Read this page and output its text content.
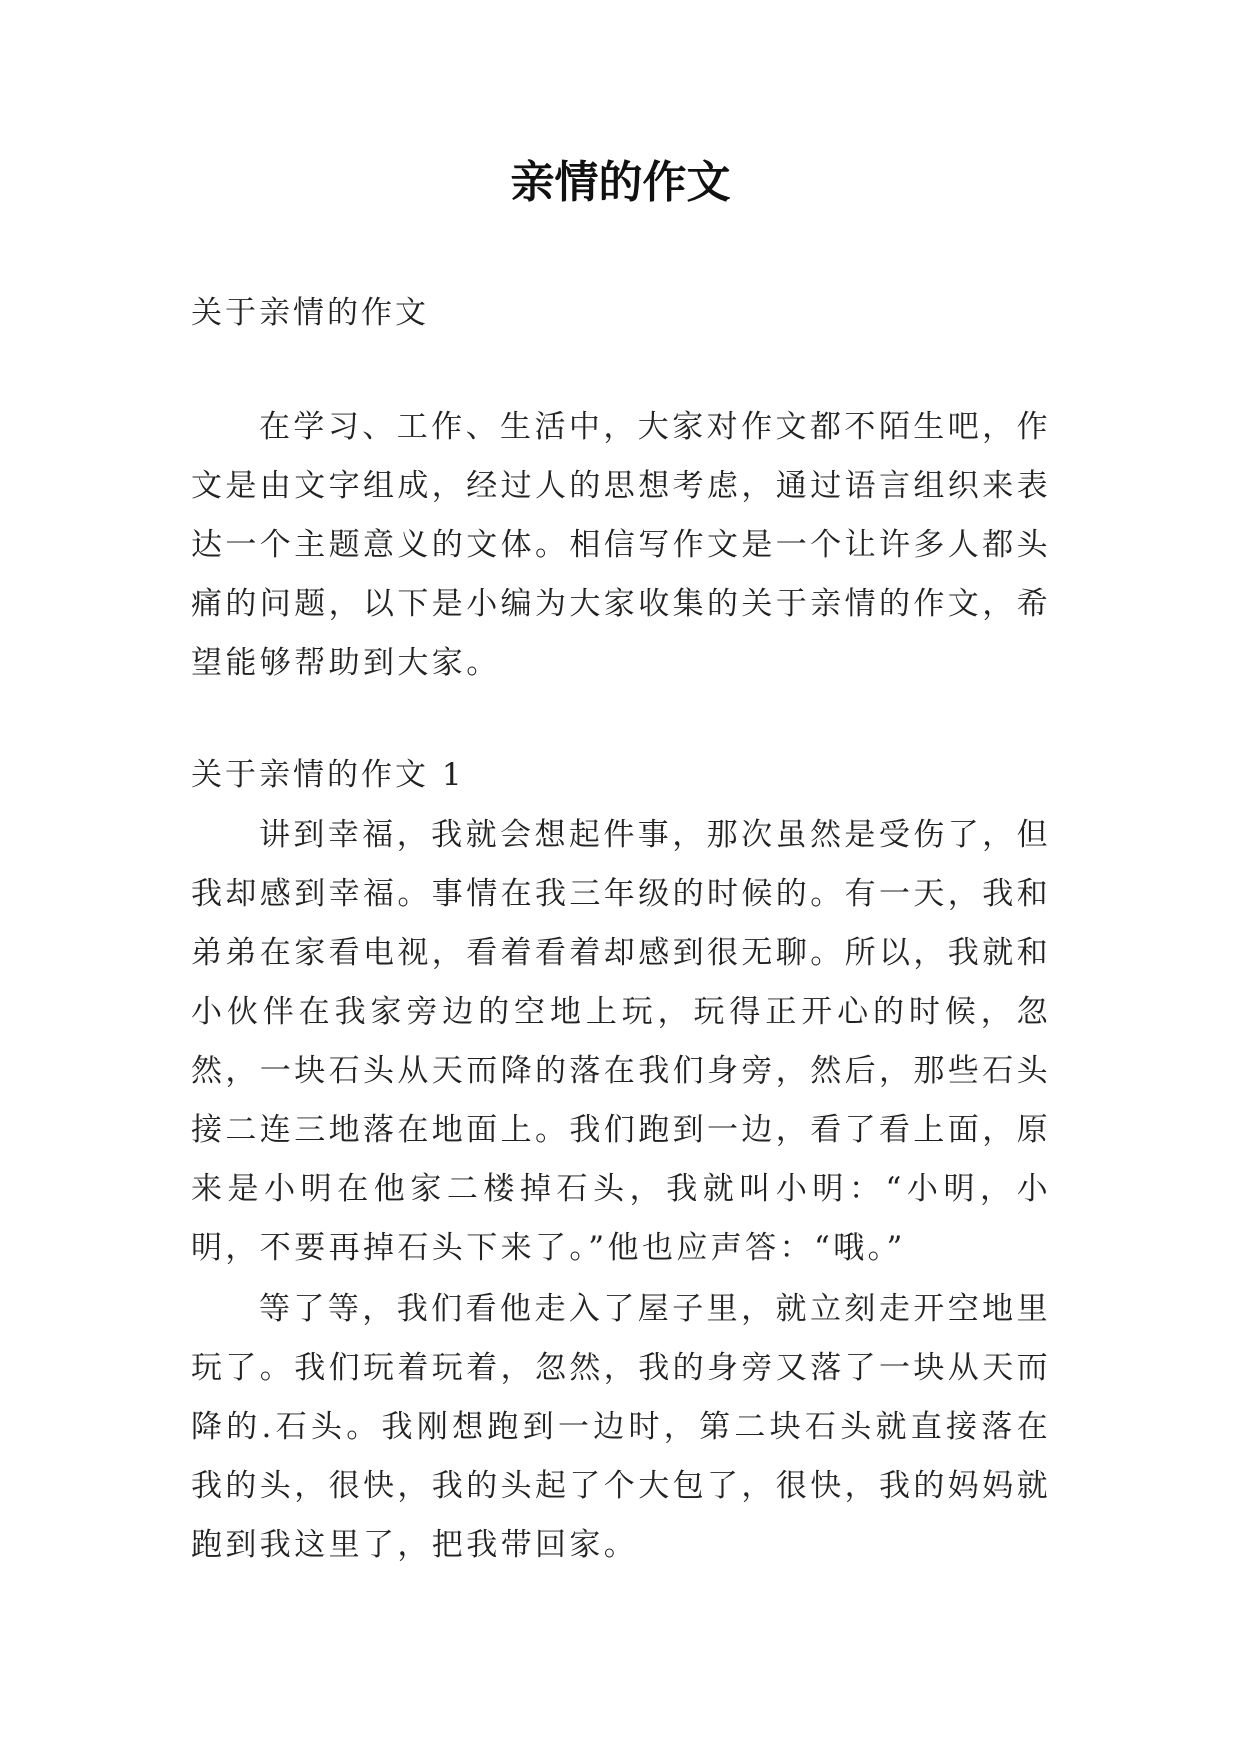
亲情的作文
关于亲情的作文

在学习、工作、生活中，大家对作文都不陌生吧，作文是由文字组成，经过人的思想考虑，通过语言组织来表达一个主题意义的文体。相信写作文是一个让许多人都头痛的问题，以下是小编为大家收集的关于亲情的作文，希望能够帮助到大家。

关于亲情的作文 1

讲到幸福，我就会想起件事，那次虽然是受伤了，但我却感到幸福。事情在我三年级的时候的。有一天，我和弟弟在家看电视，看着看着却感到很无聊。所以，我就和小伙伴在我家旁边的空地上玩，玩得正开心的时候，忽然，一块石头从天而降的落在我们身旁，然后，那些石头接二连三地落在地面上。我们跑到一边，看了看上面，原来是小明在他家二楼掉石头，我就叫小明：“小明，小明，不要再掉石头下来了。”他也应声答：“哦。”

等了等，我们看他走入了屋子里，就立刻走开空地里玩了。我们玩着玩着，忽然，我的身旁又落了一块从天而降的.石头。我刚想跑到一边时，第二块石头就直接落在我的头，很快，我的头起了个大包了，很快，我的妈妈就跑到我这里了，把我带回家。
